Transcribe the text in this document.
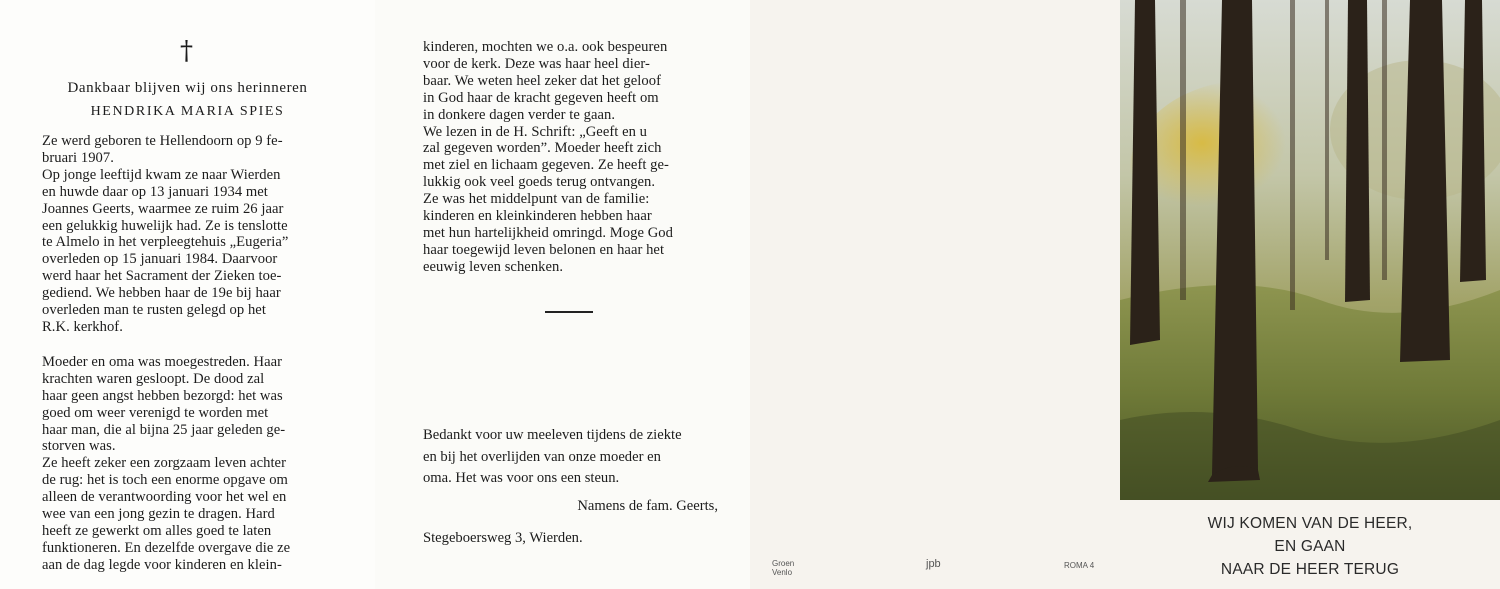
†
Dankbaar blijven wij ons herinneren
HENDRIKA MARIA SPIES

Ze werd geboren te Hellendoorn op 9 fe-

bruari 1907.

Op jonge leeftijd kwam ze naar Wierden

en huwde daar op 13 januari 1934 met

Joannes Geerts, waarmee ze ruim 26 jaar

een gelukkig huwelijk had. Ze is tenslotte

te Almelo in het verpleegtehuis „Eugeria”

overleden op 15 januari 1984. Daarvoor

werd haar het Sacrament der Zieken toe-

gediend. We hebben haar de 19e bij haar

overleden man te rusten gelegd op het

R.K. kerkhof.

Moeder en oma was moegestreden. Haar

krachten waren gesloopt. De dood zal

haar geen angst hebben bezorgd: het was

goed om weer verenigd te worden met

haar man, die al bijna 25 jaar geleden ge-

storven was.

Ze heeft zeker een zorgzaam leven achter

de rug: het is toch een enorme opgave om

alleen de verantwoording voor het wel en

wee van een jong gezin te dragen. Hard

heeft ze gewerkt om alles goed te laten

funktioneren. En dezelfde overgave die ze

aan de dag legde voor kinderen en klein-

kinderen, mochten we o.a. ook bespeuren

voor de kerk. Deze was haar heel dier-

baar. We weten heel zeker dat het geloof

in God haar de kracht gegeven heeft om

in donkere dagen verder te gaan.

We lezen in de H. Schrift: „Geeft en u

zal gegeven worden”. Moeder heeft zich

met ziel en lichaam gegeven. Ze heeft ge-

lukkig ook veel goeds terug ontvangen.

Ze was het middelpunt van de familie:

kinderen en kleinkinderen hebben haar

met hun hartelijkheid omringd. Moge God

haar toegewijd leven belonen en haar het

eeuwig leven schenken.

Bedankt voor uw meeleven tijdens de ziekte

en bij het overlijden van onze moeder en

oma. Het was voor ons een steun.

Namens de fam. Geerts,
Stegeboersweg 3, Wierden.
WIJ KOMEN VAN DE HEER,
EN GAAN
NAAR DE HEER TERUG
Groen
Venlo
jpb	ROMA 4
